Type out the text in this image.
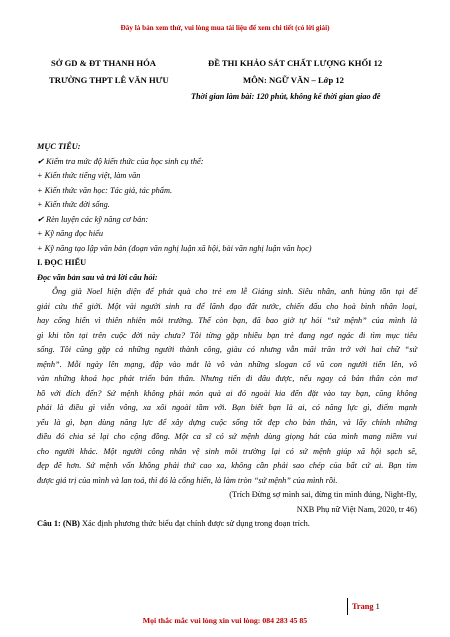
Đây là bản xem thử, vui lòng mua tài liệu để xem chi tiết (có lời giải)
SỞ GD & ĐT THANH HÓA
TRƯỜNG THPT LÊ VĂN HƯU
ĐỀ THI KHẢO SÁT CHẤT LƯỢNG KHỐI 12
MÔN: NGỮ VĂN – Lớp 12
Thời gian làm bài: 120 phút, không kể thời gian giao đề

MỤC TIÊU:

✔ Kiểm tra mức độ kiến thức của học sinh cụ thể:

+ Kiến thức tiếng việt, làm văn

+ Kiến thức văn học: Tác giả, tác phẩm.

+ Kiến thức đời sống.

✔ Rèn luyện các kỹ năng cơ bản:

+ Kỹ năng đọc hiểu

+ Kỹ năng tạo lập văn bản (đoạn văn nghị luận xã hội, bài văn nghị luận văn học)

I. ĐỌC HIỂU

Đọc văn bản sau và trả lời câu hỏi:

Ông già Noel hiện diện để phát quà cho trẻ em lễ Giáng sinh. Siêu nhân, anh hùng tồn tại để
giải cứu thế giới. Một vài người sinh ra để lãnh đạo đất nước, chiến đấu cho hoà bình nhân loại,
hay cống hiến vì thiên nhiên môi trường. Thế còn bạn, đã bao giờ tự hỏi “sứ mệnh” của mình là
gì khi tồn tại trên cuộc đời này chưa? Tôi từng gặp nhiều bạn trẻ đang ngơ ngác đi tìm mục tiêu
sống. Tôi cũng gặp cả những người thành công, giàu có nhưng vẫn mãi trăn trở với hai chữ “sứ
mệnh”. Mỗi ngày lên mạng, đập vào mắt là vô vàn những slogan cổ vũ con người tiến lên, vô
vàn những khoá học phát triển bản thân. Nhưng tiến đi đâu được, nếu ngay cả bản thân còn mơ
hồ với đích đến? Sứ mệnh không phải món quà ai đó ngoài kia đến đặt vào tay bạn, cũng không
phải là điều gì viễn vông, xa xôi ngoài tầm với. Bạn biết bạn là ai, có năng lực gì, điểm mạnh
yếu là gì, bạn dùng năng lực để xây dựng cuộc sống tốt đẹp cho bản thân, và lấy chính những
điều đó chia sẻ lại cho cộng đồng. Một ca sĩ có sứ mệnh dùng giọng hát của mình mang niềm vui
cho người khác. Một người công nhân vệ sinh môi trường lại có sứ mệnh giúp xã hội sạch sẽ,
đẹp đẽ hơn. Sứ mệnh vốn không phải thứ cao xa, không cần phải sao chép của bất cứ ai. Bạn tìm
được giá trị của mình và lan toả, thì đó là cống hiến, là làm tròn “sứ mệnh” của mình rồi.

(Trích Đừng sợ mình sai, đừng tin mình đúng, Night-fly,

NXB Phụ nữ Việt Nam, 2020, tr 46)

Câu 1: (NB) Xác định phương thức biểu đạt chính được sử dụng trong đoạn trích.

Trang 1
Mọi thắc mắc vui lòng xin vui lòng: 084 283 45 85
